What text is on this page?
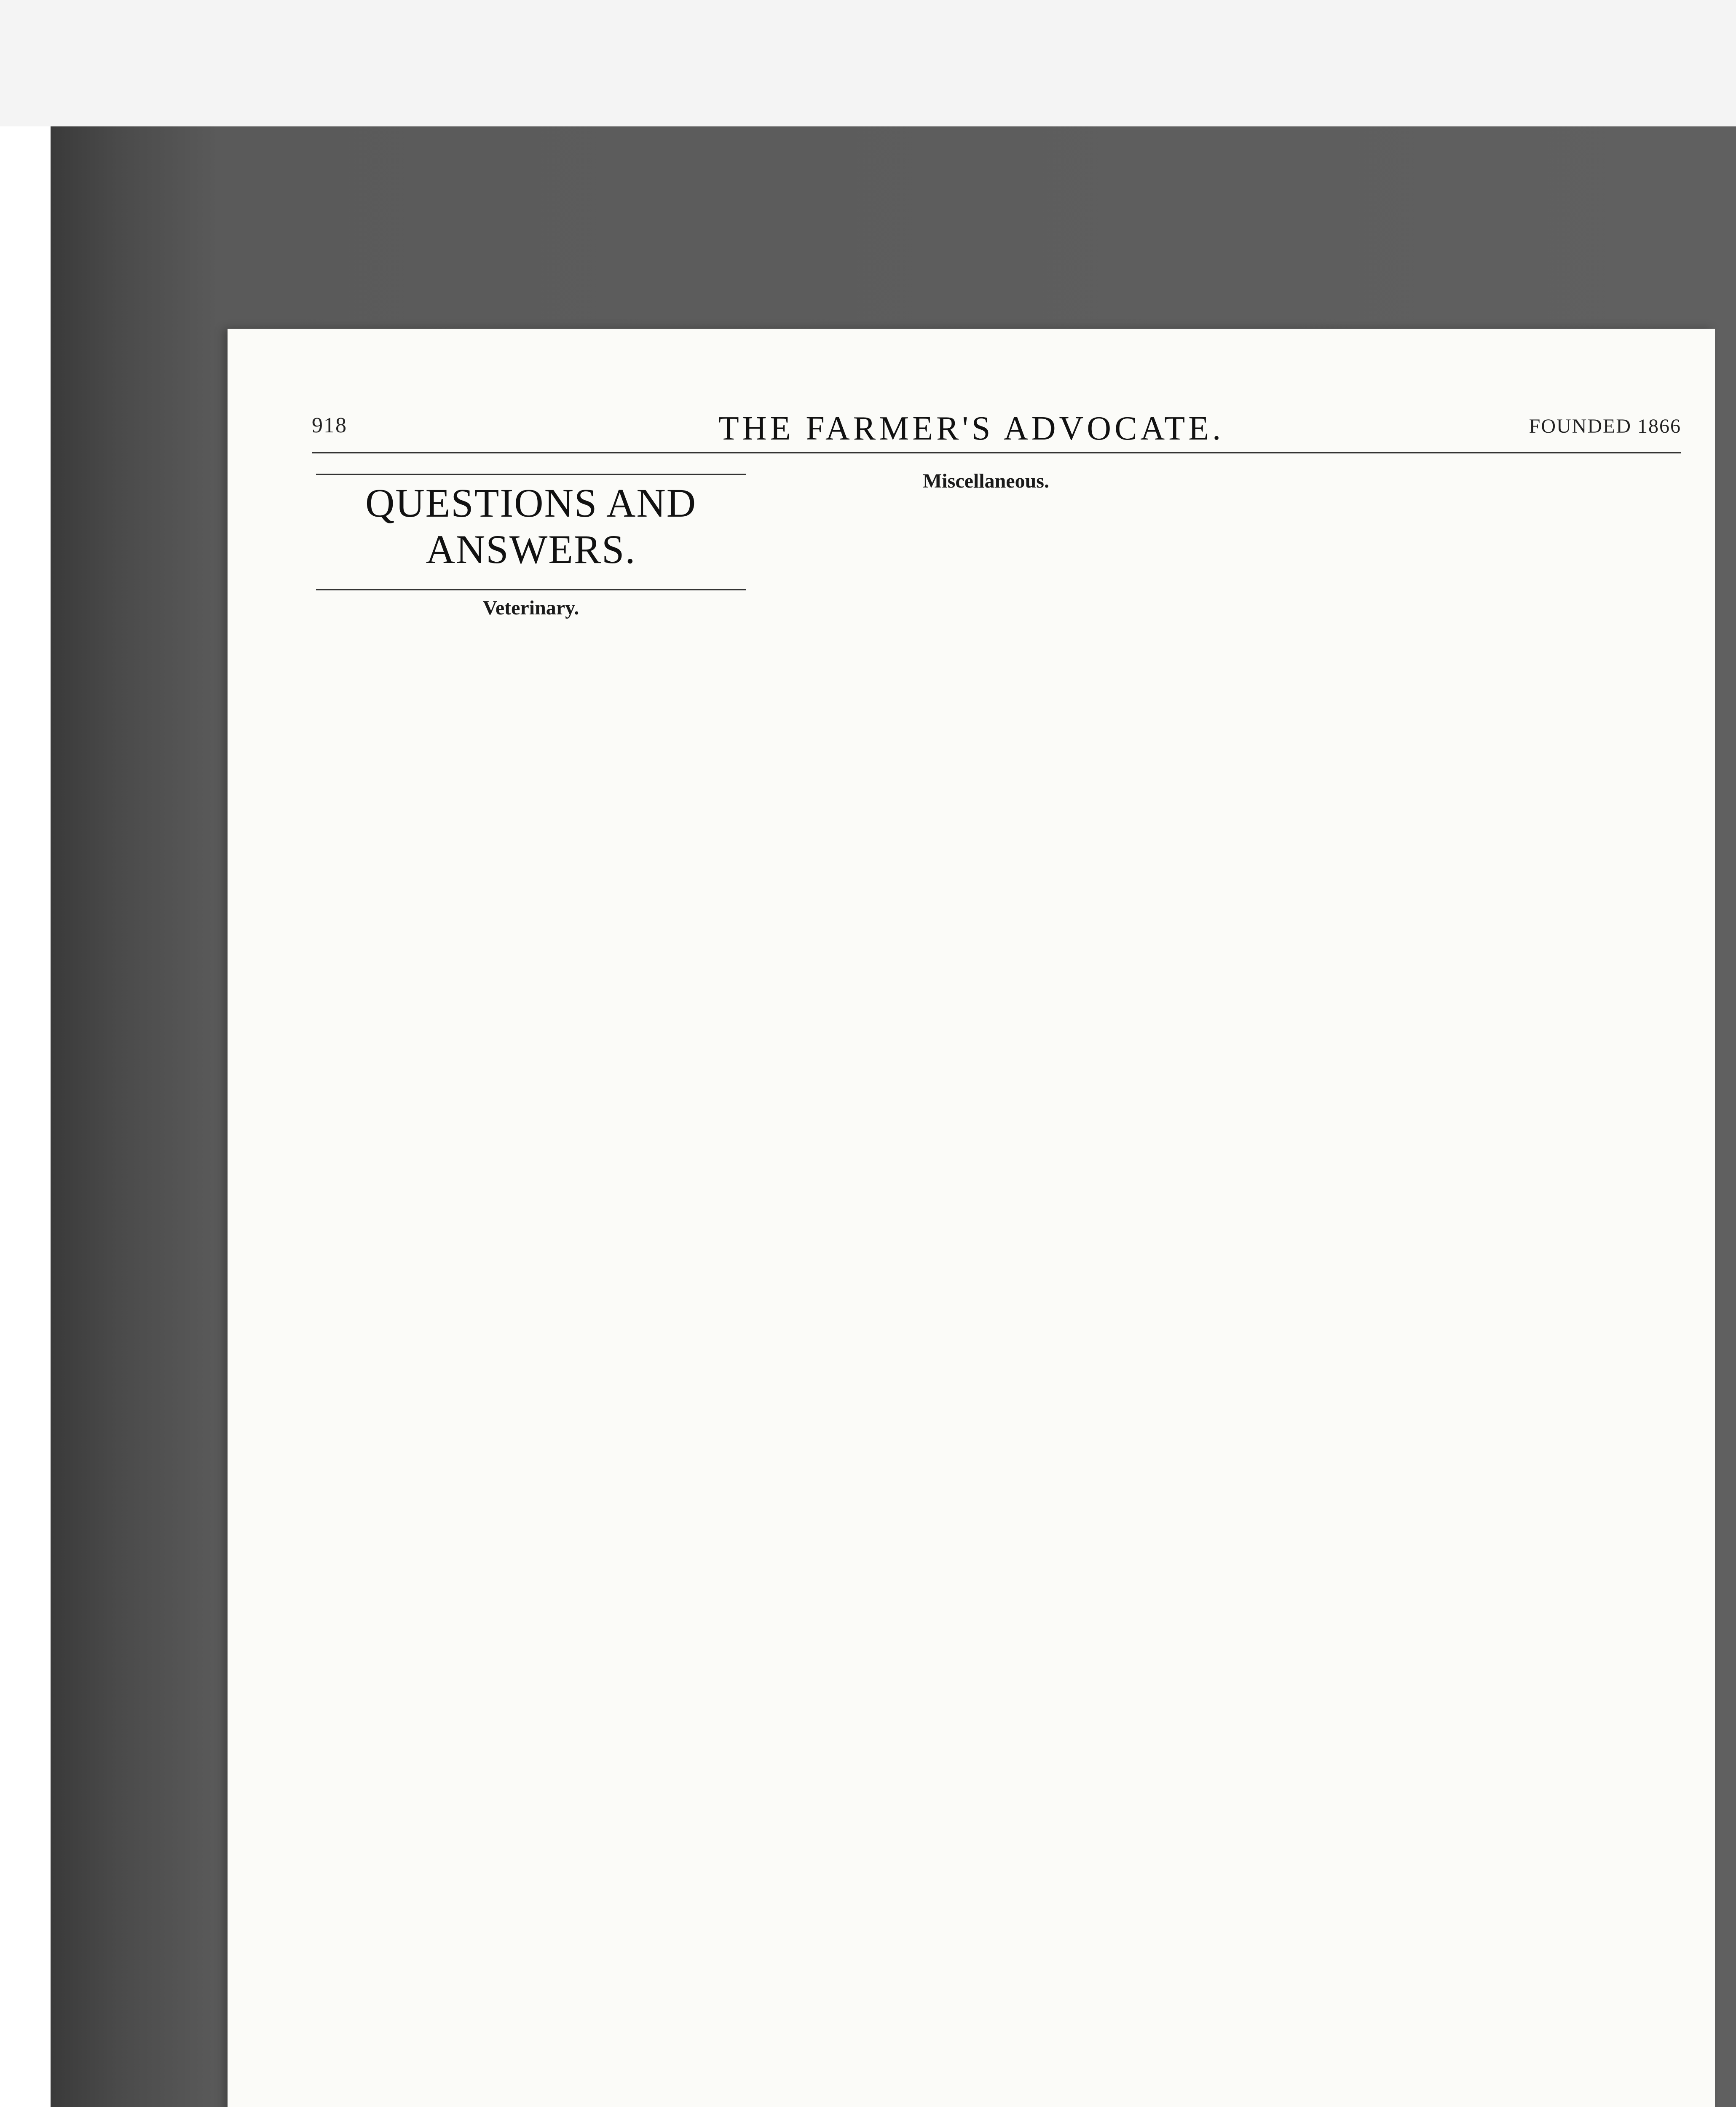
918	THE FARMER'S ADVOCATE.	FOUNDED 1866

QUESTIONS AND ANSWERS.

Veterinary.

Miscellaneous.
